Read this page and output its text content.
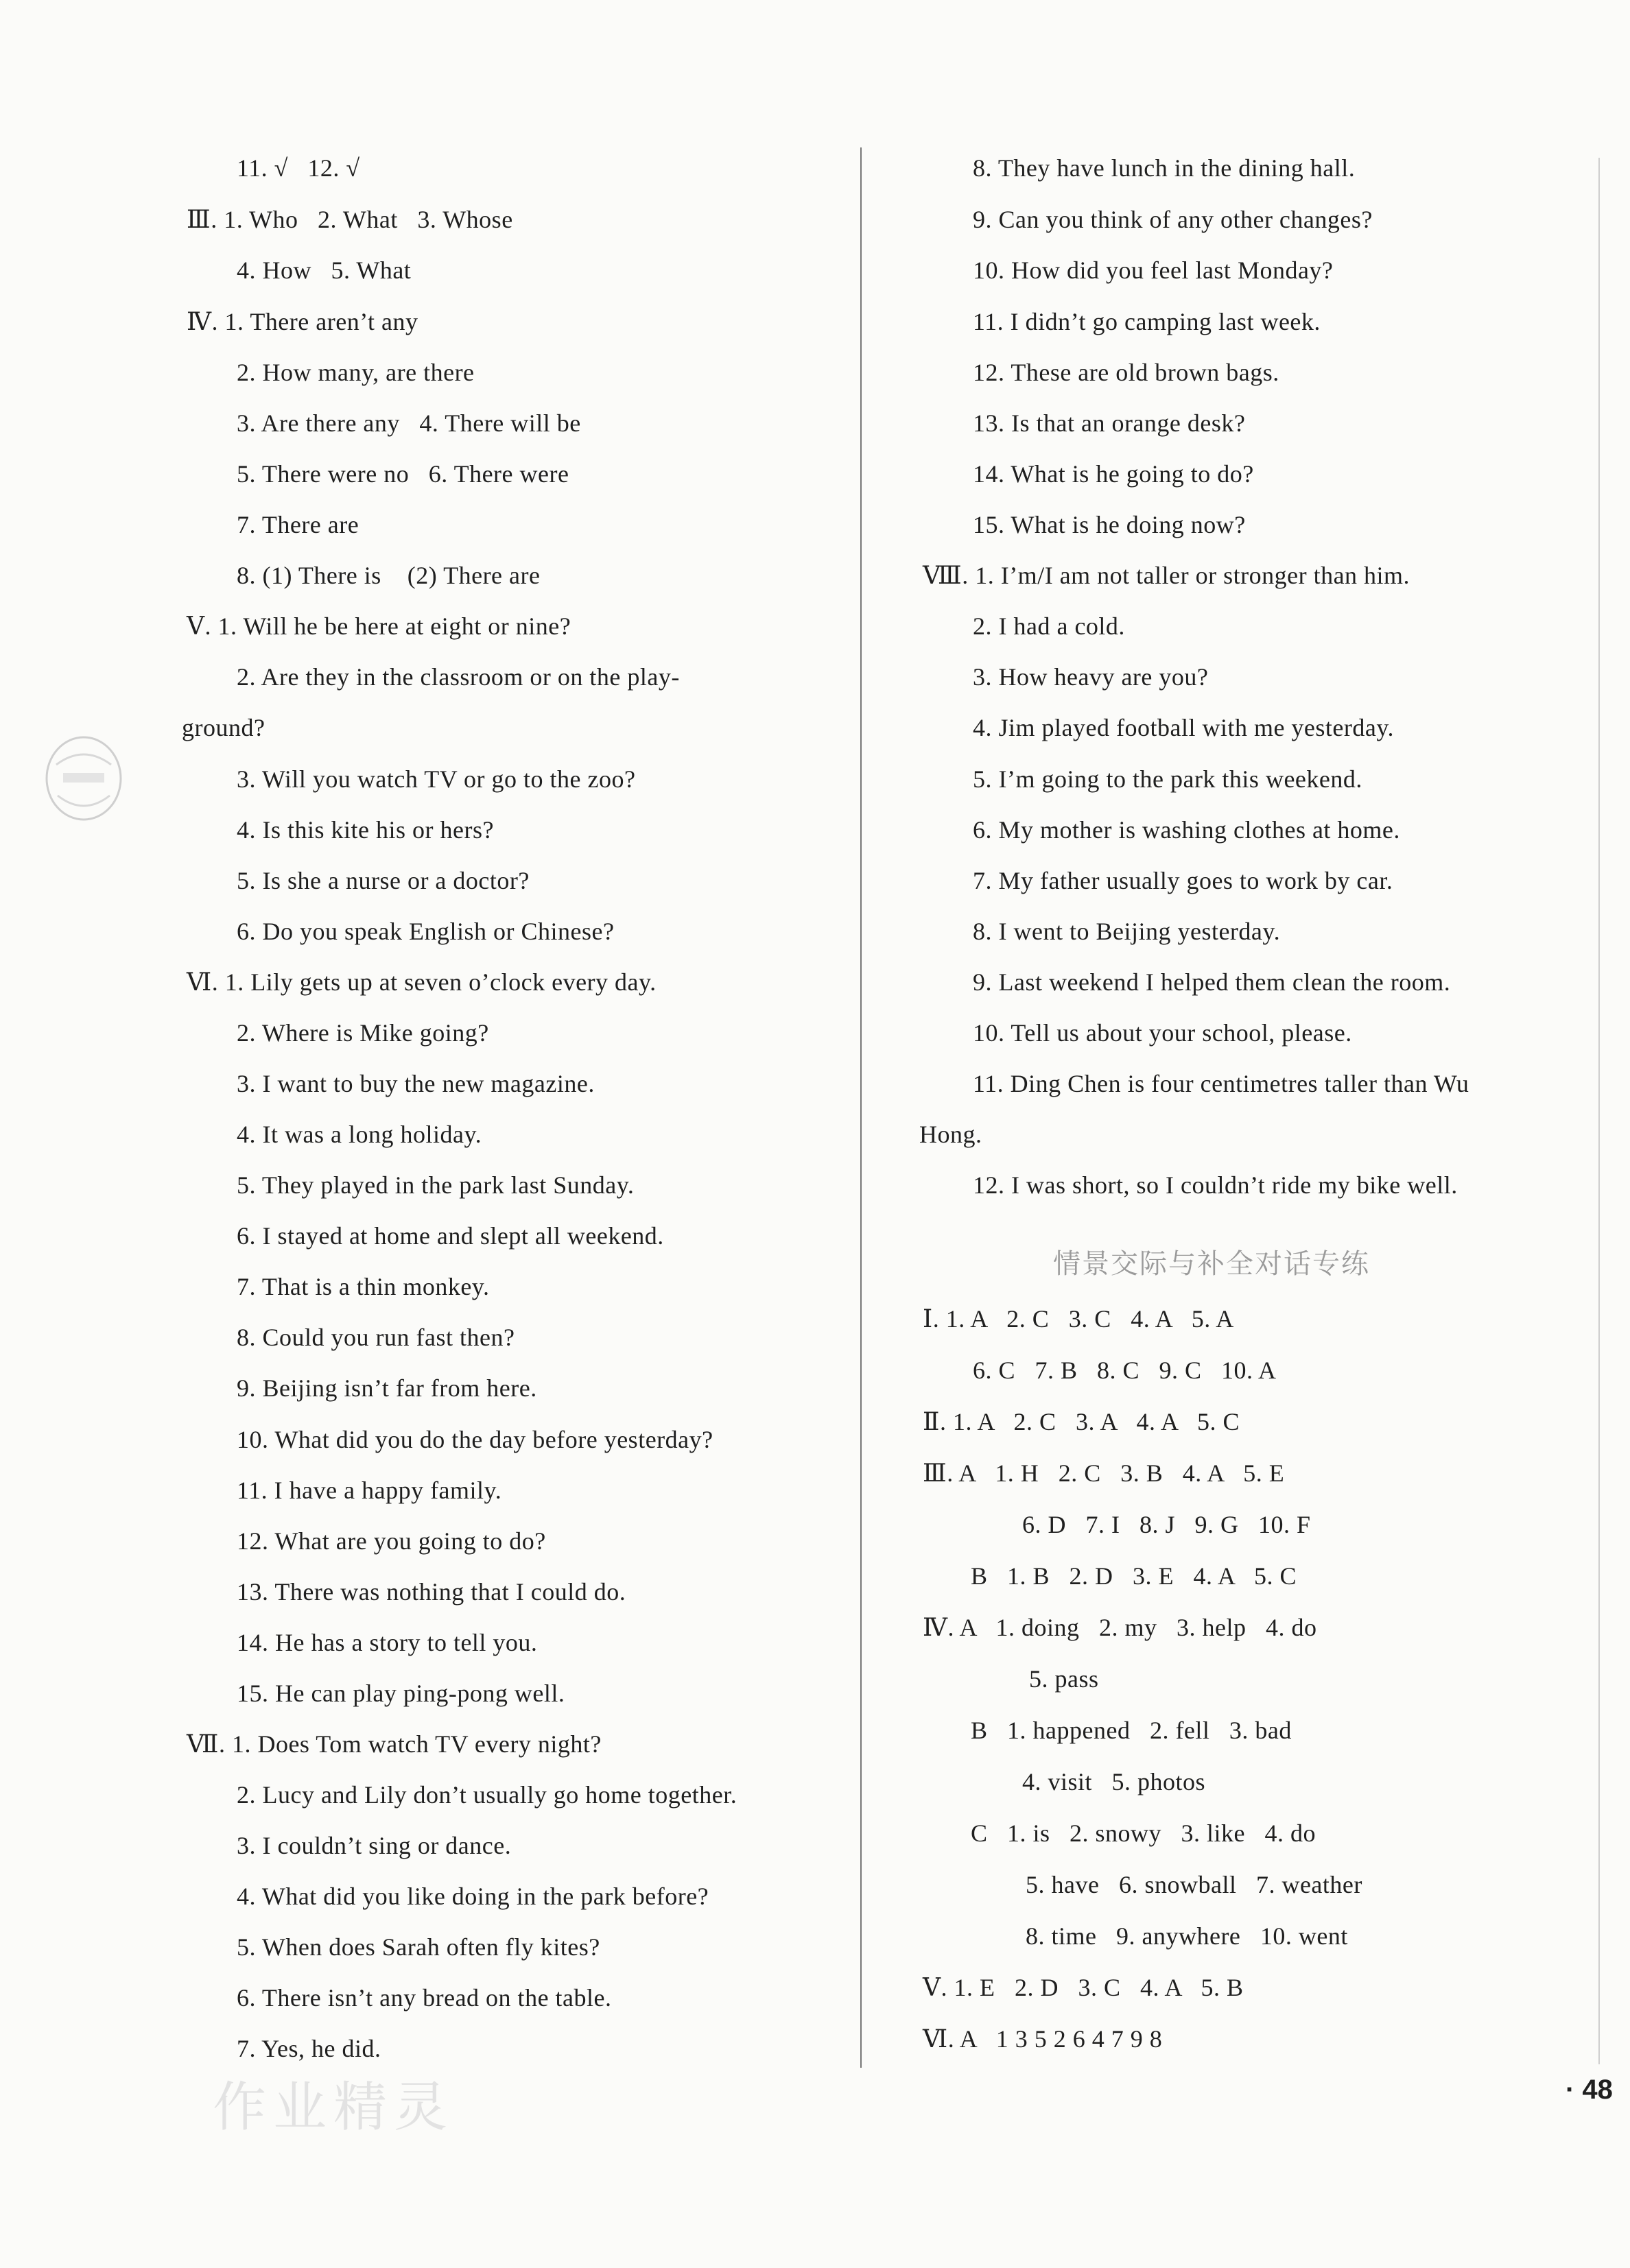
11. √   12. √
Ⅲ. 1. Who   2. What   3. Whose
4. How   5. What
Ⅳ. 1. There aren’t any
2. How many, are there
3. Are there any   4. There will be
5. There were no   6. There were
7. There are
8. (1) There is    (2) There are
Ⅴ. 1. Will he be here at eight or nine?
2. Are they in the classroom or on the play-
ground?
3. Will you watch TV or go to the zoo?
4. Is this kite his or hers?
5. Is she a nurse or a doctor?
6. Do you speak English or Chinese?
Ⅵ. 1. Lily gets up at seven o’clock every day.
2. Where is Mike going?
3. I want to buy the new magazine.
4. It was a long holiday.
5. They played in the park last Sunday.
6. I stayed at home and slept all weekend.
7. That is a thin monkey.
8. Could you run fast then?
9. Beijing isn’t far from here.
10. What did you do the day before yesterday?
11. I have a happy family.
12. What are you going to do?
13. There was nothing that I could do.
14. He has a story to tell you.
15. He can play ping-pong well.
Ⅶ. 1. Does Tom watch TV every night?
2. Lucy and Lily don’t usually go home together.
3. I couldn’t sing or dance.
4. What did you like doing in the park before?
5. When does Sarah often fly kites?
6. There isn’t any bread on the table.
7. Yes, he did.
8. They have lunch in the dining hall.
9. Can you think of any other changes?
10. How did you feel last Monday?
11. I didn’t go camping last week.
12. These are old brown bags.
13. Is that an orange desk?
14. What is he going to do?
15. What is he doing now?
Ⅷ. 1. I’m/I am not taller or stronger than him.
2. I had a cold.
3. How heavy are you?
4. Jim played football with me yesterday.
5. I’m going to the park this weekend.
6. My mother is washing clothes at home.
7. My father usually goes to work by car.
8. I went to Beijing yesterday.
9. Last weekend I helped them clean the room.
10. Tell us about your school, please.
11. Ding Chen is four centimetres taller than Wu
Hong.
12. I was short, so I couldn’t ride my bike well.
Ⅰ. 1. A   2. C   3. C   4. A   5. A
6. C   7. B   8. C   9. C   10. A
Ⅱ. 1. A   2. C   3. A   4. A   5. C
Ⅲ. A   1. H   2. C   3. B   4. A   5. E
6. D   7. I   8. J   9. G   10. F
B   1. B   2. D   3. E   4. A   5. C
Ⅳ. A   1. doing   2. my   3. help   4. do
5. pass
B   1. happened   2. fell   3. bad
4. visit   5. photos
C   1. is   2. snowy   3. like   4. do
5. have   6. snowball   7. weather
8. time   9. anywhere   10. went
Ⅴ. 1. E   2. D   3. C   4. A   5. B
Ⅵ. A   1 3 5 2 6 4 7 9 8
情景交际与补全对话专练
· 48
作业精灵
